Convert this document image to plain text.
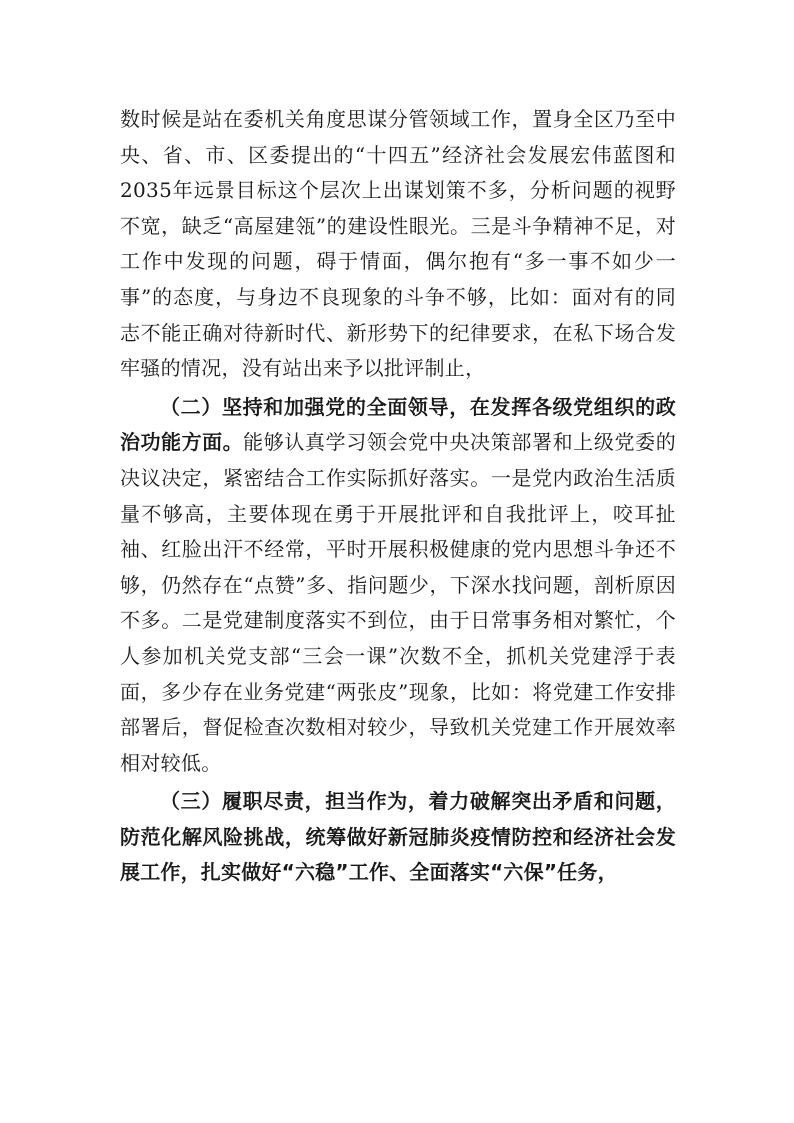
数时候是站在委机关角度思谋分管领域工作，置身全区乃至中央、省、市、区委提出的“十四五”经济社会发展宏伟蓝图和2035年远景目标这个层次上出谋划策不多，分析问题的视野不宽，缺乏“高屋建瓴”的建设性眼光。三是斗争精神不足，对工作中发现的问题，碍于情面，偶尔抱有“多一事不如少一事”的态度，与身边不良现象的斗争不够，比如：面对有的同志不能正确对待新时代、新形势下的纪律要求，在私下场合发牢骚的情况，没有站出来予以批评制止，

（二）坚持和加强党的全面领导，在发挥各级党组织的政治功能方面。能够认真学习领会党中央决策部署和上级党委的决议决定，紧密结合工作实际抓好落实。一是党内政治生活质量不够高，主要体现在勇于开展批评和自我批评上，咬耳扯袖、红脸出汗不经常，平时开展积极健康的党内思想斗争还不够，仍然存在“点赞”多、指问题少，下深水找问题，剖析原因不多。二是党建制度落实不到位，由于日常事务相对繁忙，个人参加机关党支部“三会一课”次数不全，抓机关党建浮于表面，多少存在业务党建“两张皮”现象，比如：将党建工作安排部署后，督促检查次数相对较少，导致机关党建工作开展效率相对较低。

（三）履职尽责，担当作为，着力破解突出矛盾和问题，防范化解风险挑战，统筹做好新冠肺炎疫情防控和经济社会发展工作，扎实做好“六稳”工作、全面落实“六保”任务，
